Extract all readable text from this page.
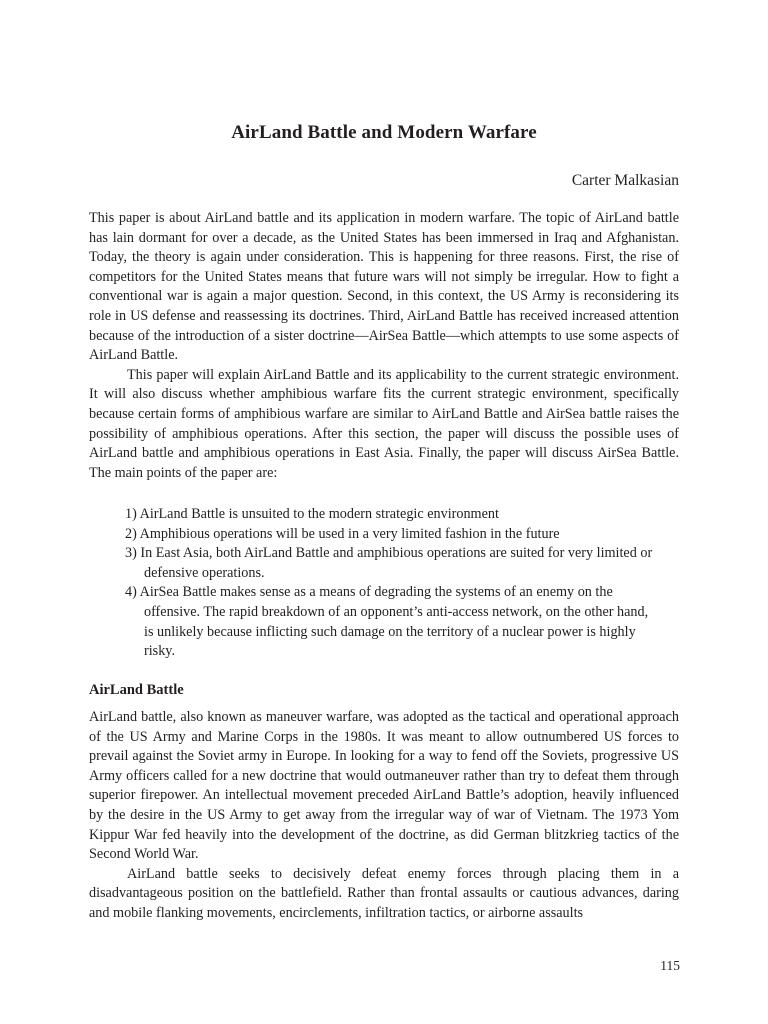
AirLand Battle and Modern Warfare
Carter Malkasian

This paper is about AirLand battle and its application in modern warfare. The topic of AirLand battle has lain dormant for over a decade, as the United States has been immersed in Iraq and Afghanistan. Today, the theory is again under consideration. This is happening for three reasons. First, the rise of competitors for the United States means that future wars will not simply be irregular. How to fight a conventional war is again a major question. Second, in this context, the US Army is reconsidering its role in US defense and reassessing its doctrines. Third, AirLand Battle has received increased attention because of the introduction of a sister doctrine—AirSea Battle—which attempts to use some aspects of AirLand Battle.

This paper will explain AirLand Battle and its applicability to the current strategic environment. It will also discuss whether amphibious warfare fits the current strategic environment, specifically because certain forms of amphibious warfare are similar to AirLand Battle and AirSea battle raises the possibility of amphibious operations. After this section, the paper will discuss the possible uses of AirLand battle and amphibious operations in East Asia. Finally, the paper will discuss AirSea Battle. The main points of the paper are:

1) AirLand Battle is unsuited to the modern strategic environment
2) Amphibious operations will be used in a very limited fashion in the future
3) In East Asia, both AirLand Battle and amphibious operations are suited for very limited or defensive operations.
4) AirSea Battle makes sense as a means of degrading the systems of an enemy on the offensive. The rapid breakdown of an opponent’s anti-access network, on the other hand, is unlikely because inflicting such damage on the territory of a nuclear power is highly risky.
AirLand Battle

AirLand battle, also known as maneuver warfare, was adopted as the tactical and operational approach of the US Army and Marine Corps in the 1980s. It was meant to allow outnumbered US forces to prevail against the Soviet army in Europe. In looking for a way to fend off the Soviets, progressive US Army officers called for a new doctrine that would outmaneuver rather than try to defeat them through superior firepower. An intellectual movement preceded AirLand Battle’s adoption, heavily influenced by the desire in the US Army to get away from the irregular way of war of Vietnam. The 1973 Yom Kippur War fed heavily into the development of the doctrine, as did German blitzkrieg tactics of the Second World War.

AirLand battle seeks to decisively defeat enemy forces through placing them in a disadvantageous position on the battlefield. Rather than frontal assaults or cautious advances, daring and mobile flanking movements, encirclements, infiltration tactics, or airborne assaults

115
